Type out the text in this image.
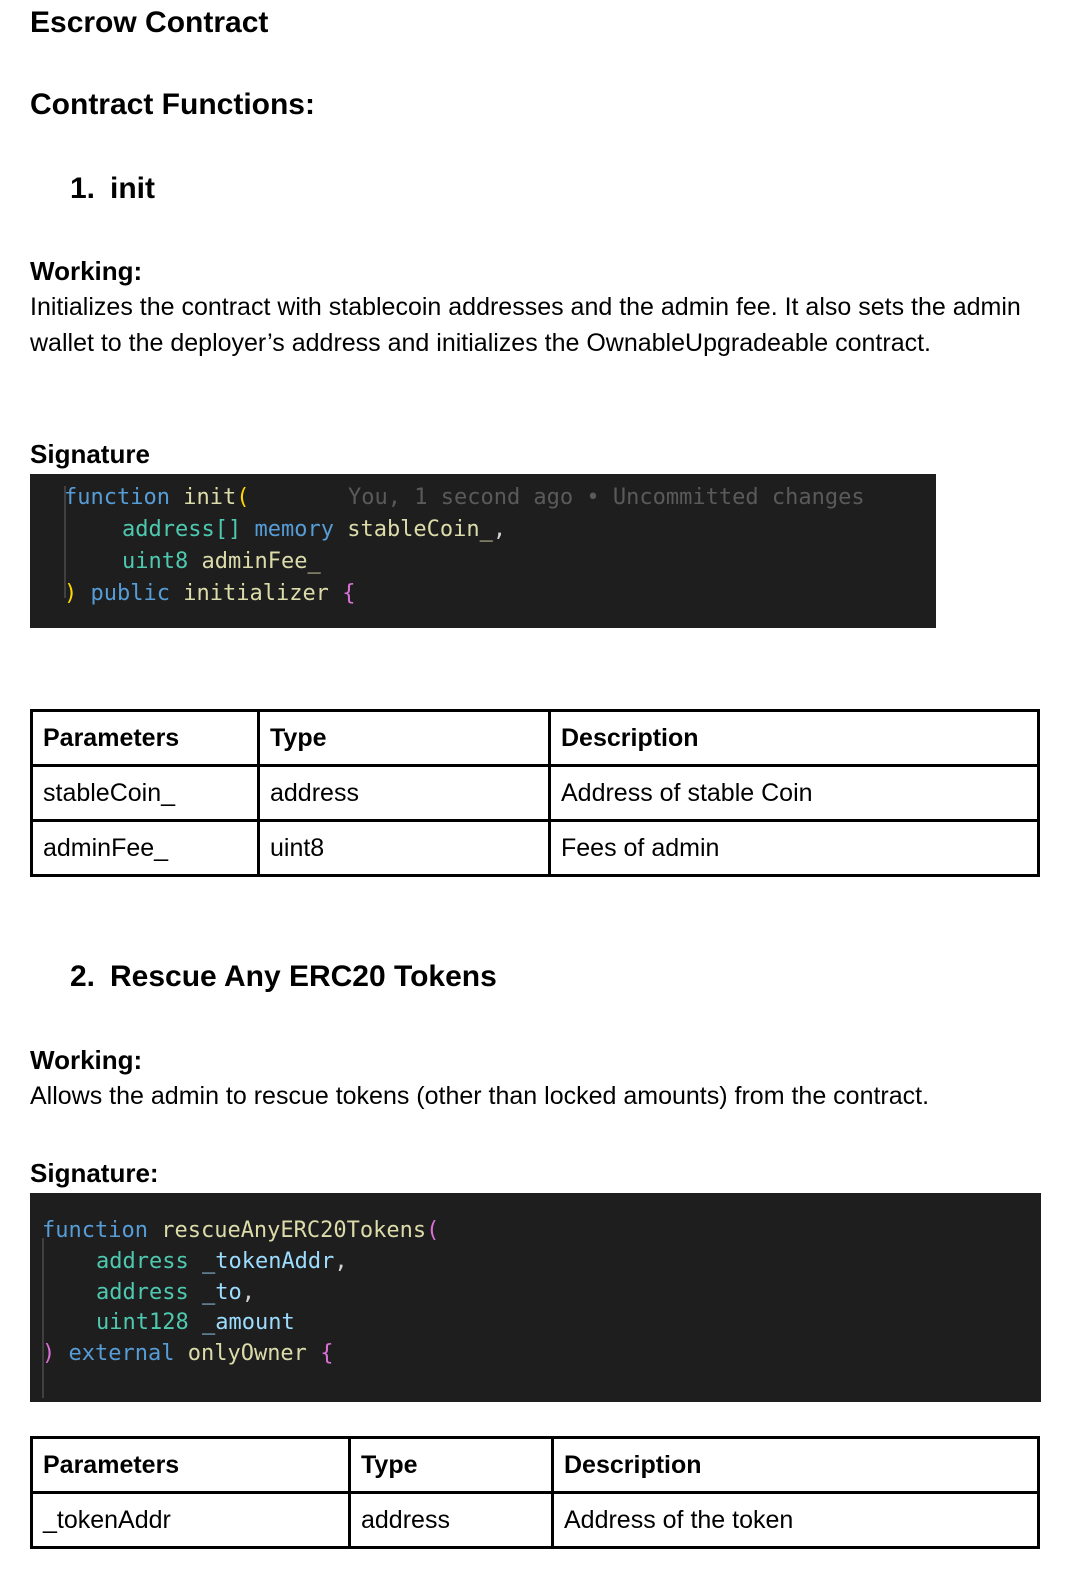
Escrow Contract
Contract Functions:
1. init
Working:
Initializes the contract with stablecoin addresses and the admin fee. It also sets the admin wallet to the deployer’s address and initializes the OwnableUpgradeable contract.
Signature

function init(

	You, 1 second ago • Uncommitted changes

address[] memory stableCoin_,

uint8 adminFee_

) public initializer {

Parameters	Type	Description
stableCoin_	address	Address of stable Coin
adminFee_	uint8	Fees of admin
2. Rescue Any ERC20 Tokens
Working:
Allows the admin to rescue tokens (other than locked amounts) from the contract.
Signature:

function rescueAnyERC20Tokens(

address _tokenAddr,

address _to,

uint128 _amount

) external onlyOwner {

Parameters	Type	Description
_tokenAddr	address	Address of the token
